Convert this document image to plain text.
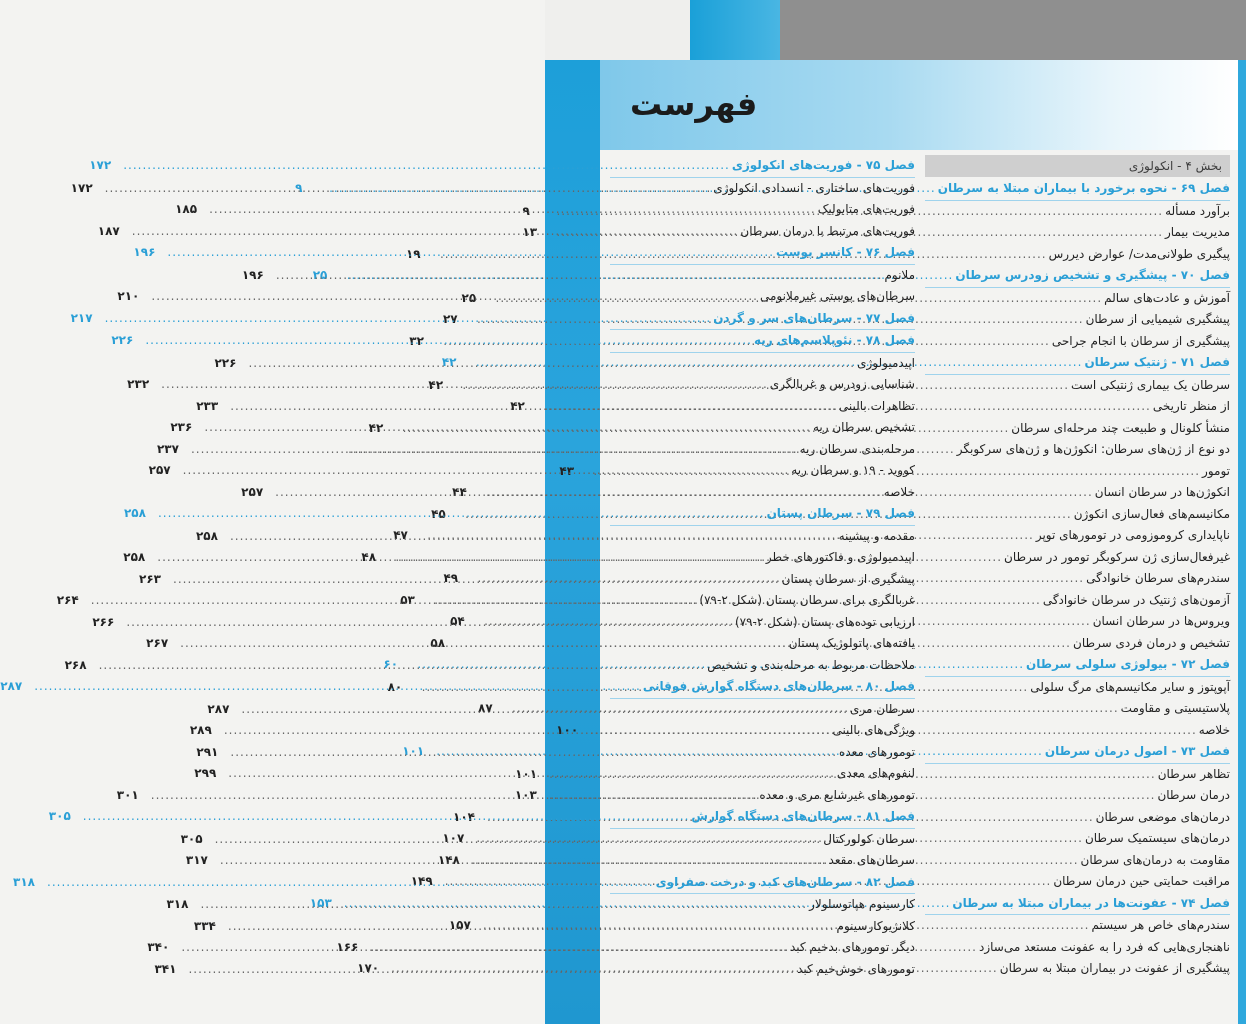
فهرست
بخش ۴ - انکولوژی
فصل ۶۹ - نحوه برخورد با بیماران مبتلا به سرطان
.....
۹
برآورد مسأله
.....
۹
مدیریت بیمار
.....
۱۳
پیگیری طولانی‌مدت/ عوارض دیررس
.....
۱۹
فصل ۷۰ - پیشگیری و تشخیص زودرس سرطان
.....
۲۵
آموزش و عادت‌های سالم
.....
۲۵
پیشگیری شیمیایی از سرطان
.....
۲۷
پیشگیری از سرطان با انجام جراحی
.....
۳۲
فصل ۷۱ - ژنتیک سرطان
.....
۴۲
سرطان یک بیماری ژنتیکی است
.....
۴۲
از منظر تاریخی
.....
۴۲
منشأ کلونال و طبیعت چند مرحله‌ای سرطان
.....
۴۲
دو نوع از ژن‌های سرطان: انکوژن‌ها و ژن‌های سرکوبگر
.....
تومور
.....
۴۳
انکوژن‌ها در سرطان انسان
.....
۴۴
مکانیسم‌های فعال‌سازی انکوژن
.....
۴۵
ناپایداری کروموزومی در تومورهای توپر
.....
۴۷
غیرفعال‌سازی ژن سرکوبگر تومور در سرطان
.....
۴۸
سندرم‌های سرطان خانوادگی
.....
۴۹
آزمون‌های ژنتیک در سرطان خانوادگی
.....
۵۳
ویروس‌ها در سرطان انسان
.....
۵۴
تشخیص و درمان فردی سرطان
.....
۵۸
فصل ۷۲ - بیولوژی سلولی سرطان
.....
۶۰
آپوپتوز و سایر مکانیسم‌های مرگ سلولی
.....
۸۰
پلاستیسیتی و مقاومت
.....
۸۷
خلاصه
.....
۱۰۰
فصل ۷۳ - اصول درمان سرطان
.....
۱۰۱
تظاهر سرطان
.....
۱۰۱
درمان سرطان
.....
۱۰۳
درمان‌های موضعی سرطان
.....
۱۰۴
درمان‌های سیستمیک سرطان
.....
۱۰۷
مقاومت به درمان‌های سرطان
.....
۱۴۸
مراقبت حمایتی حین درمان سرطان
.....
۱۴۹
فصل ۷۴ - عفونت‌ها در بیماران مبتلا به سرطان
.....
۱۵۳
سندرم‌های خاص هر سیستم
.....
۱۵۷
ناهنجاری‌هایی که فرد را به عفونت مستعد می‌سازد
.....
۱۶۶
پیشگیری از عفونت در بیماران مبتلا به سرطان
.....
۱۷۰
فصل ۷۵ - فوریت‌های انکولوژی
.....
۱۷۲
فوریت‌های ساختاری - انسدادی انکولوژی
.....
۱۷۲
فوریت‌های متابولیک
.....
۱۸۵
فوریت‌های مرتبط با درمان سرطان
.....
۱۸۷
فصل ۷۶ - کانسر پوست
.....
۱۹۶
ملانوم
.....
۱۹۶
سرطان‌های پوستی غیرملانومی
.....
۲۱۰
فصل ۷۷ - سرطان‌های سر و گردن
.....
۲۱۷
فصل ۷۸ - نئوپلاسم‌های ریه
.....
۲۲۶
اپیدمیولوژی
.....
۲۲۶
شناسایی زودرس و غربالگری
.....
۲۳۲
تظاهرات بالینی
.....
۲۳۳
تشخیص سرطان ریه
.....
۲۳۶
مرحله‌بندی سرطان ریه
.....
۲۳۷
کووید - ۱۹ و سرطان ریه
.....
۲۵۷
خلاصه
.....
۲۵۷
فصل ۷۹ - سرطان پستان
.....
۲۵۸
مقدمه و پیشینه
.....
۲۵۸
اپیدمیولوژی و فاکتورهای خطر
.....
۲۵۸
پیشگیری از سرطان پستان
.....
۲۶۳
غربالگری برای سرطان پستان (شکل ۲-۷۹)
.....
۲۶۴
ارزیابی توده‌های پستان (شکل ۲-۷۹)
.....
۲۶۶
یافته‌های پاتولوژیک پستان
.....
۲۶۷
ملاحظات مربوط به مرحله‌بندی و تشخیص
.....
۲۶۸
فصل ۸۰ - سرطان‌های دستگاه گوارش فوقانی
.....
۲۸۷
سرطان مری
.....
۲۸۷
ویژگی‌های بالینی
.....
۲۸۹
تومورهای معده
.....
۲۹۱
لنفوم‌های معدی
.....
۲۹۹
تومورهای غیرشایع مری و معده
.....
۳۰۱
فصل ۸۱ - سرطان‌های دستگاه گوارش
.....
۳۰۵
سرطان کولورکتال
.....
۳۰۵
سرطان‌های مقعد
.....
۳۱۷
فصل ۸۲ - سرطان‌های کبد و درخت صفراوی
.....
۳۱۸
کارسینوم هپاتوسلولار
.....
۳۱۸
کلانژیوکارسینوم
.....
۳۳۴
دیگر تومورهای بدخیم کبد
.....
۳۴۰
تومورهای خوش‌خیم کبد
.....
۳۴۱
